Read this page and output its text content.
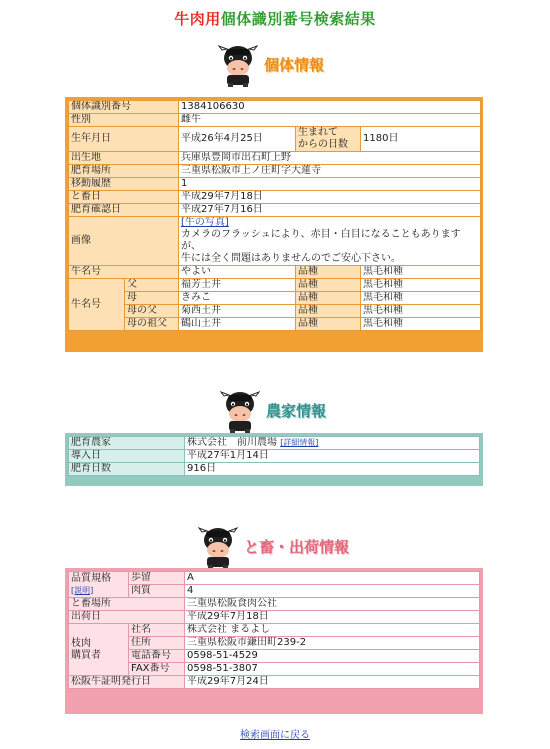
牛肉用個体識別番号検索結果
個体情報
個体識別番号		1384106630		
性別		雌牛		
生年月日		平成26年4月25日	生まれて
からの日数	1180日
出生地		兵庫県豊岡市出石町上野		
肥育場所		三重県松阪市上ノ庄町字大蓮寺		
移動履歴		1		
と畜日		平成29年7月18日		
肥育確認日		平成27年7月16日		
画像		[牛の写真]
カメラのフラッシュにより、赤目・白目になることもありますが、
牛には全く問題はありませんのでご安心下さい。		
牛名号		やよい	品種	黒毛和種
牛名号	父	福芳土井	品種	黒毛和種
	母	きみこ	品種	黒毛和種
	母の父	菊西土井	品種	黒毛和種
	母の祖父	鶴山土井	品種	黒毛和種
農家情報
肥育農家	株式会社　前川農場 [詳細情報]
導入日	平成27年1月14日
肥育日数	916日
と畜・出荷情報
品質規格
[説明]	歩留	A
	肉質	4
と畜場所		三重県松阪食肉公社
出荷日		平成29年7月18日
枝肉
購買者	社名	株式会社 まるよし
	住所	三重県松阪市鎌田町239-2
	電話番号	0598-51-4529
	FAX番号	0598-51-3807
松阪牛証明発行日		平成29年7月24日
検索画面に戻る
